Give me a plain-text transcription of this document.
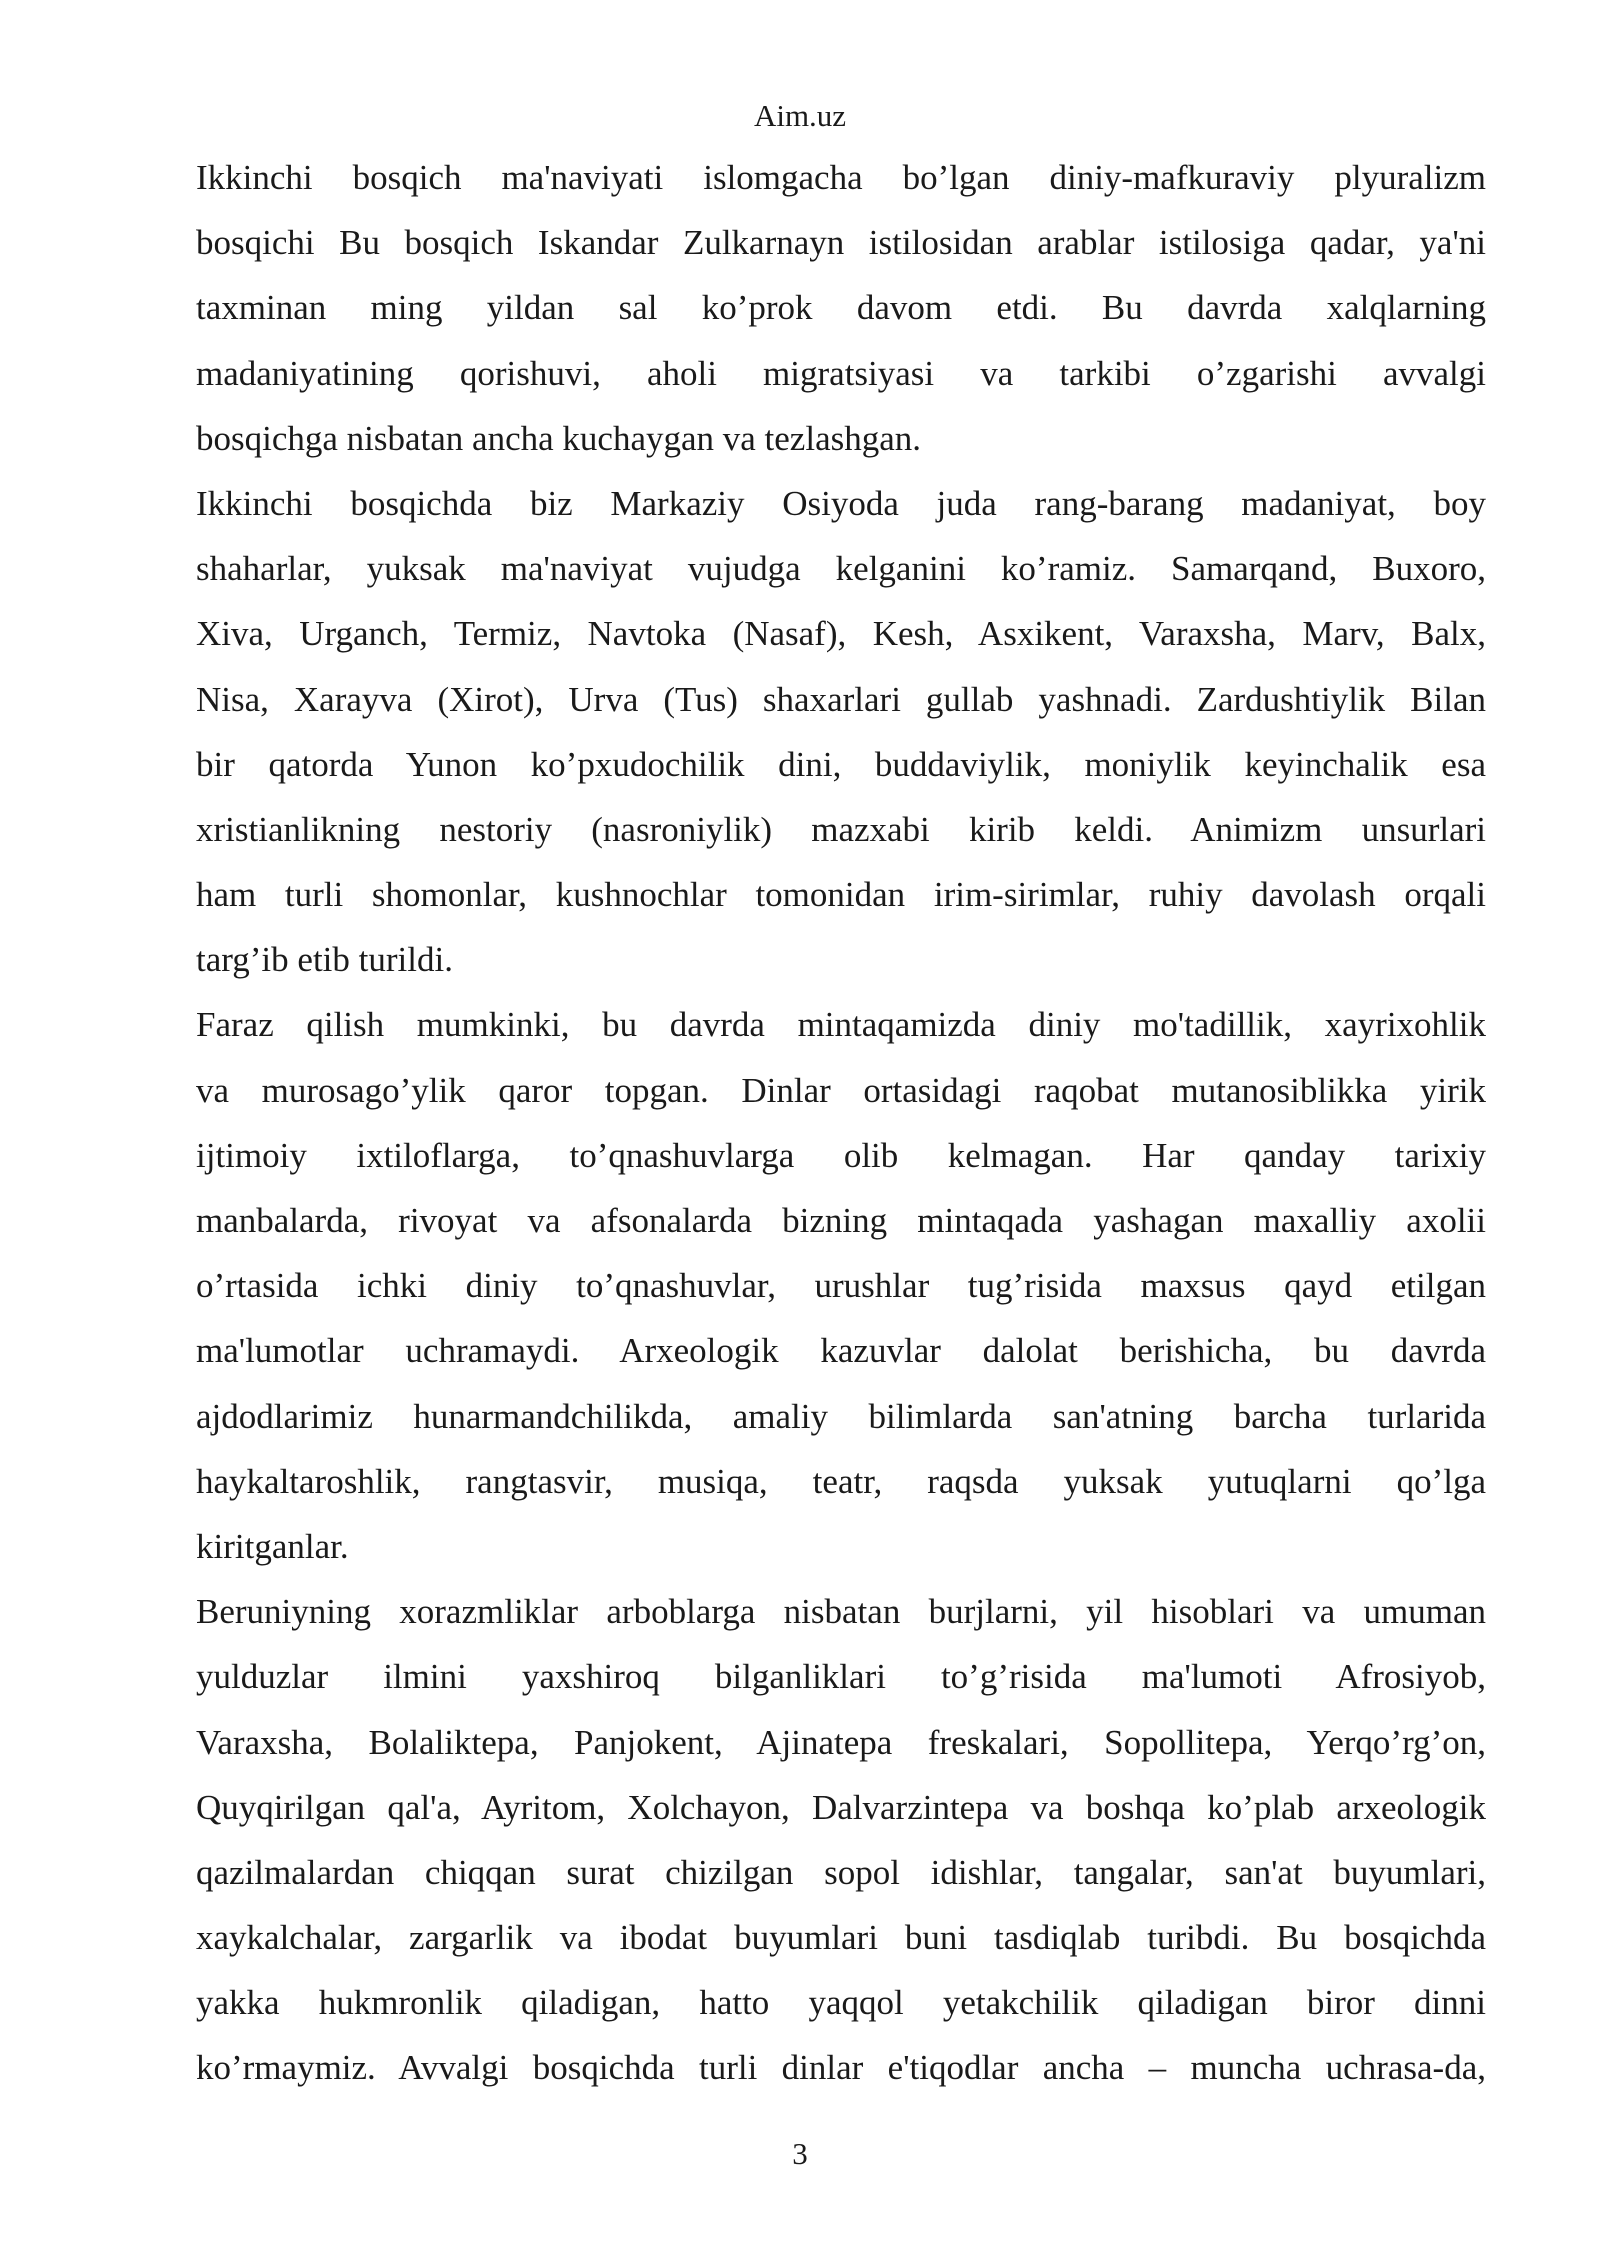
Aim.uz
Ikkinchi bosqich ma'naviyati islomgacha bo’lgan diniy-mafkuraviy plyuralizm
bosqichi Bu bosqich Iskandar Zulkarnayn istilosidan arablar istilosiga qadar, ya'ni
taxminan ming yildan sal ko’prok davom etdi. Bu davrda xalqlarning
madaniyatining qorishuvi, aholi migratsiyasi va tarkibi o’zgarishi avvalgi
bosqichga nisbatan ancha kuchaygan va tezlashgan.
Ikkinchi bosqichda biz Markaziy Osiyoda juda rang-barang madaniyat, boy
shaharlar, yuksak ma'naviyat vujudga kelganini ko’ramiz. Samarqand, Buxoro,
Xiva, Urganch, Termiz, Navtoka (Nasaf), Kesh, Asxikent, Varaxsha, Marv, Balx,
Nisa, Xarayva (Xirot), Urva (Tus) shaxarlari gullab yashnadi. Zardushtiylik Bilan
bir qatorda Yunon ko’pxudochilik dini, buddaviylik, moniylik keyinchalik esa
xristianlikning nestoriy (nasroniylik) mazxabi kirib keldi. Animizm unsurlari
ham turli shomonlar, kushnochlar tomonidan irim-sirimlar, ruhiy davolash orqali
targ’ib etib turildi.
Faraz qilish mumkinki, bu davrda mintaqamizda diniy mo'tadillik, xayrixohlik
va murosago’ylik qaror topgan. Dinlar ortasidagi raqobat mutanosiblikka yirik
ijtimoiy ixtiloflarga, to’qnashuvlarga olib kelmagan. Har qanday tarixiy
manbalarda, rivoyat va afsonalarda bizning mintaqada yashagan maxalliy axolii
o’rtasida ichki diniy to’qnashuvlar, urushlar tug’risida maxsus qayd etilgan
ma'lumotlar uchramaydi. Arxeologik kazuvlar dalolat berishicha, bu davrda
ajdodlarimiz hunarmandchilikda, amaliy bilimlarda san'atning barcha turlarida
haykaltaroshlik, rangtasvir, musiqa, teatr, raqsda yuksak yutuqlarni qo’lga
kiritganlar.
Beruniyning xorazmliklar arboblarga nisbatan burjlarni, yil hisoblari va umuman
yulduzlar ilmini yaxshiroq bilganliklari to’g’risida ma'lumoti Afrosiyob,
Varaxsha, Bolaliktepa, Panjokent, Ajinatepa freskalari, Sopollitepa, Yerqo’rg’on,
Quyqirilgan qal'a, Ayritom, Xolchayon, Dalvarzintepa va boshqa ko’plab arxeologik
qazilmalardan chiqqan surat chizilgan sopol idishlar, tangalar, san'at buyumlari,
xaykalchalar, zargarlik va ibodat buyumlari buni tasdiqlab turibdi. Bu bosqichda
yakka hukmronlik qiladigan, hatto yaqqol yetakchilik qiladigan biror dinni
ko’rmaymiz. Avvalgi bosqichda turli dinlar e'tiqodlar ancha – muncha uchrasa-da,
3
